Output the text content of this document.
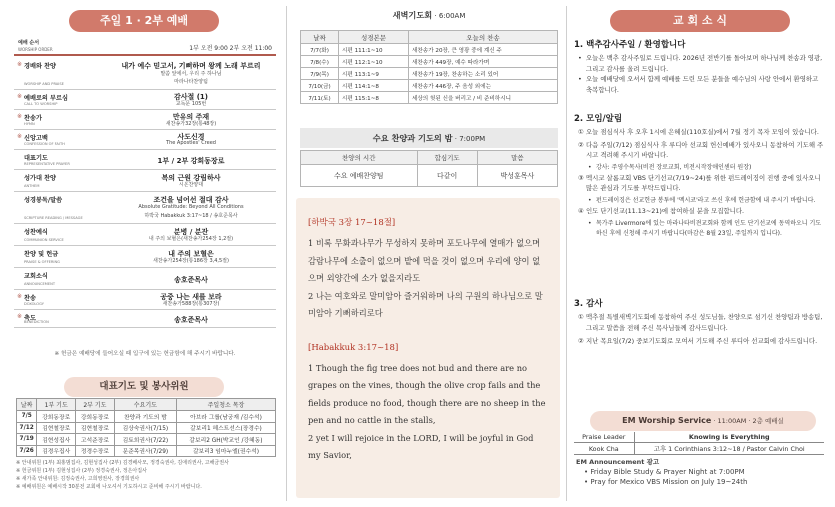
주일 1 · 2부 예배
예배 순서
WORSHIP ORDER	1부 오전 9:00 2부 오전 11:00
※ 경배와 찬양
WORSHIP AND PRAISE
내가 예수 믿고서, 기뻐하며 왕께 노래 부르리
말씀 앞에서, 우리 주 하나님
마라나타찬양팀
※ 예배로의 부르심
CALL TO WORSHIP
감사절 (1)
교독문 105번
※ 찬송가
HYMN
만유의 주재
새찬송가32장(통48장)
※ 신앙고백
CONFESSION OF FAITH
사도신경
The Apostles' Creed
대표기도
REPRESENTATIVE PRAYER	1부 / 2부 강희동장로
성가대 찬양
ANTHEM
복의 근원 강림하사
시온찬양대
성경봉독/말씀
SCRIPTURE READING / MESSAGE
조건을 넘어선 절대 감사
Absolute Gratitude: Beyond All Conditions
하박국 Habakkuk 3:17~18 / 송호준목사
성찬예식
COMMUNION SERVICE
분병 / 분잔
내 주의 보혈은(새찬송가254장 1,2절)
찬양 및 헌금
PRAISE & OFFERING
내 주의 보혈은
새찬송가254장(통186장 3,4,5절)
교회소식
ANNOUNCEMENT
송호준목사
※ 찬송
DOXOLOGY
공중 나는 새를 보라
새찬송가588장(통307장)
※ 축도
BENEDICTION	송호준목사
※ 헌금은 예배당에 들어오실 때 입구에 있는 헌금함에 해 주시기 바랍니다.
대표기도 및 봉사위원
날짜	1부 기도	2부 기도	수요기도	주일청소 목장
7/5	강희동장로	강희동장로	찬양과 기도의 밤	아브라 그룹(남궁재 /김수석)
7/12	김현철장로	김현철장로	김상숙권사(7/15)	갈보리1 헤스트선스(장경수)
7/19	김현성집사	고석준장로	김토희권사(7/22)	갈보리2 GH(박교인 /강혜동)
7/26	김경우집사	정경수장로	문준목권사(7/29)	갈보리3 임마누엘(권수석)
※ 안내위원 (1부) 최홍범집사, 김현성집사 (2부) 김경배사모, 정경숙권사, 김애리권사, 고해금권사
※ 헌금위원 (1부) 김현성집사 (2부) 정경숙권사, 정은아집사
※ 새가족 안내위원: 김정숙권사, 고희영권사, 장경희권사
※ 예배위원은 예배시작 30분전 교회에 나오셔서 기도하시고 준비해 주시기 바랍니다.
새벽기도회 · 6:00AM
날짜	성경본문	오늘의 찬송
7/7(화)	시편 111:1~10	새찬송가 20장, 큰 영광 중에 계신 주
7/8(수)	시편 112:1~10	새찬송가 449장, 예수 따라가며
7/9(목)	시편 113:1~9	새찬송가 19장, 찬송하는 소리 있어
7/10(금)	시편 114:1~8	새찬송가 446장, 주 음성 외에는
7/11(토)	시편 115:1~8	세상의 헛된 신을 버리고 / 비 준비하시니
수요 찬양과 기도의 밤 · 7:00PM
찬양의 시간	합심기도	말씀
수요 예배찬양팀	다같이	박성훈목사
[하박국 3장 17~18절]

1 비록 무화과나무가 무성하지 못하며 포도나무에 열매가 없으며 감람나무에 소출이 없으며 밭에 먹을 것이 없으며 우리에 양이 없으며 외양간에 소가 없을지라도

2 나는 여호와로 말미암아 즐거워하며 나의 구원의 하나님으로 말미암아 기뻐하리로다

[Habakkuk 3:17~18]

1 Though the fig tree does not bud and there are no grapes on the vines, though the olive crop fails and the fields produce no food, though there are no sheep in the pen and no cattle in the stalls,

2 yet I will rejoice in the LORD, I will be joyful in God my Savior,

교 회 소 식
1. 백추감사주일 / 환영합니다
• 오늘은 백추 감사주일로 드립니다. 2026년 전반기를 돌아보며 하나님께 찬송과 영광, 그리고 감사를 올려 드립니다.
• 오늘 예배당에 오셔서 함께 예배를 드린 모든 분들을 예수님의 사랑 안에서 환영하고 축복합니다.
2. 모임/알림
① 오늘 점심식사 후 오후 1시에 은혜실(110호실)에서 7월 정기 목자 모임이 있습니다.
② 다음 주일(7/12) 점심식사 후 루디아 선교회 헌신예배가 있사오니 동참하여 기도해 주시고 격려해 주시기 바랍니다.
• 강사: 주영수목사(비전 장로교회, 비전시작장애인센터 원장)
③ 멕시코 살롬교회 VBS 단기선교(7/19~24)를 위한 펀드레이징이 진행 중에 있사오니 많은 관심과 기도를 부탁드립니다.
• 펀드레이징은 선교헌금 봉투에 '멕시코'라고 쓰신 후에 헌금함에 내 주시기 바랍니다.
④ 인도 단기선교(11.13~21)에 참여하실 분을 모집합니다.
• 목가주 Livermore에 있는 마라나타비젼교회와 함께 인도 단기선교에 동역하오니 기도하신 후에 신청해 주시기 바랍니다(마감은 8월 23일, 주일까지 입니다).
3. 감사
① 맥추절 특별새벽기도회에 동참하여 주신 성도님들, 찬양으로 섬기신 찬양팀과 방송팀, 그리고 말씀을 전해 주신 목사님들께 감사드립니다.
② 지난 목요일(7/2) 중보기도회로 모여서 기도해 주신 루디아 선교회에 감사드립니다.
EM Worship Service · 11:00AM · 2층 예배실
Praise Leader	Knowing is Everything
Kook Cha	고후 1 Corinthians 3:12~18 / Pastor Calvin Choi
EM Announcement 광고
• Friday Bible Study & Prayer Night at 7:00PM
• Pray for Mexico VBS Mission on July 19~24th
